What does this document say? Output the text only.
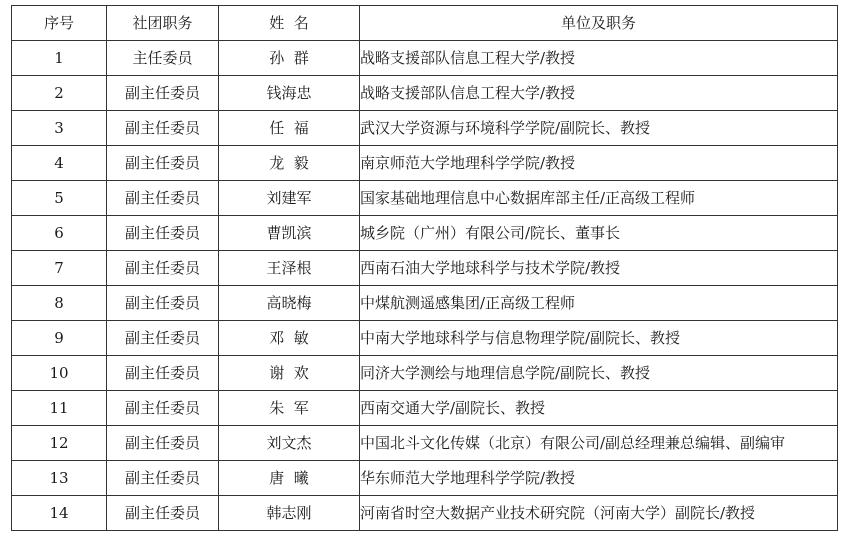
序号	社团职务	姓  名	单位及职务
1	主任委员	孙  群	战略支援部队信息工程大学/教授
2	副主任委员	钱海忠	战略支援部队信息工程大学/教授
3	副主任委员	任  福	武汉大学资源与环境科学学院/副院长、教授
4	副主任委员	龙  毅	南京师范大学地理科学学院/教授
5	副主任委员	刘建军	国家基础地理信息中心数据库部主任/正高级工程师
6	副主任委员	曹凯滨	城乡院（广州）有限公司/院长、董事长
7	副主任委员	王泽根	西南石油大学地球科学与技术学院/教授
8	副主任委员	高晓梅	中煤航测遥感集团/正高级工程师
9	副主任委员	邓  敏	中南大学地球科学与信息物理学院/副院长、教授
10	副主任委员	谢  欢	同济大学测绘与地理信息学院/副院长、教授
11	副主任委员	朱  军	西南交通大学/副院长、教授
12	副主任委员	刘文杰	中国北斗文化传媒（北京）有限公司/副总经理兼总编辑、副编审
13	副主任委员	唐  曦	华东师范大学地理科学学院/教授
14	副主任委员	韩志刚	河南省时空大数据产业技术研究院（河南大学）副院长/教授
